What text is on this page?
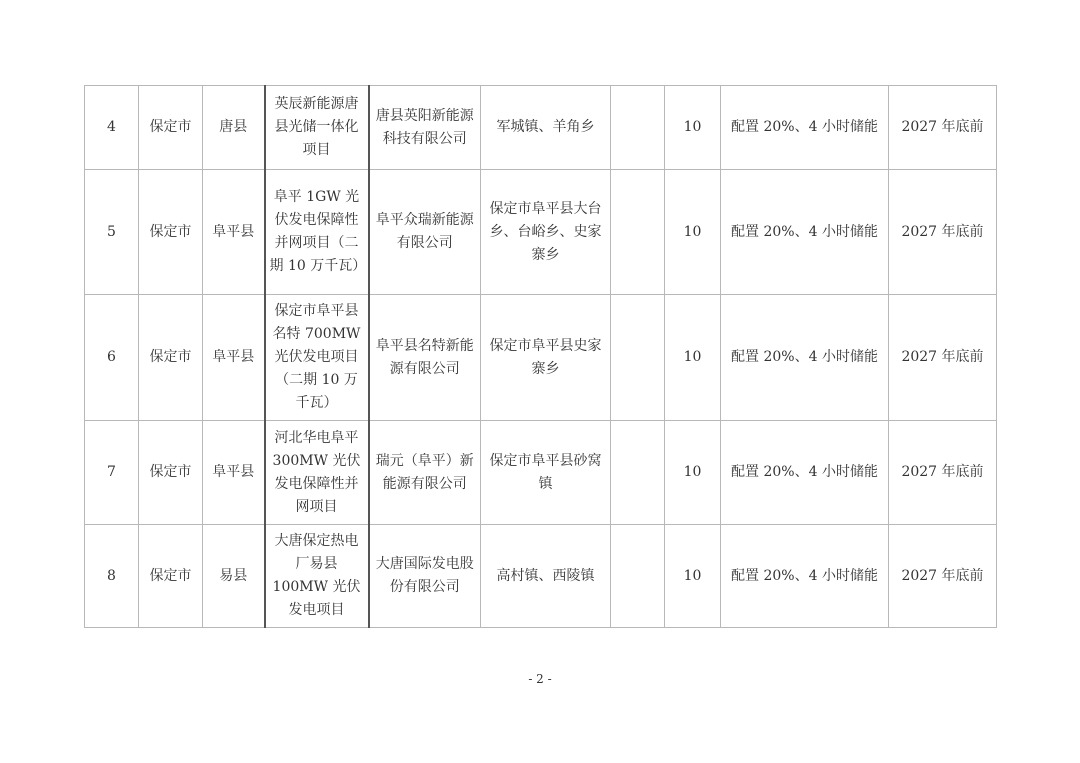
4	保定市	唐县	英辰新能源唐县光储一体化项目	唐县英阳新能源科技有限公司	军城镇、羊角乡		10	配置 20%、4 小时储能	2027 年底前
5	保定市	阜平县	阜平 1GW 光伏发电保障性并网项目（二期 10 万千瓦）	阜平众瑞新能源有限公司	保定市阜平县大台乡、台峪乡、史家寨乡		10	配置 20%、4 小时储能	2027 年底前
6	保定市	阜平县	保定市阜平县名特 700MW 光伏发电项目（二期 10 万千瓦）	阜平县名特新能源有限公司	保定市阜平县史家寨乡		10	配置 20%、4 小时储能	2027 年底前
7	保定市	阜平县	河北华电阜平 300MW 光伏发电保障性并网项目	瑞元（阜平）新能源有限公司	保定市阜平县砂窝镇		10	配置 20%、4 小时储能	2027 年底前
8	保定市	易县	大唐保定热电厂易县 100MW 光伏发电项目	大唐国际发电股份有限公司	高村镇、西陵镇		10	配置 20%、4 小时储能	2027 年底前
- 2 -
